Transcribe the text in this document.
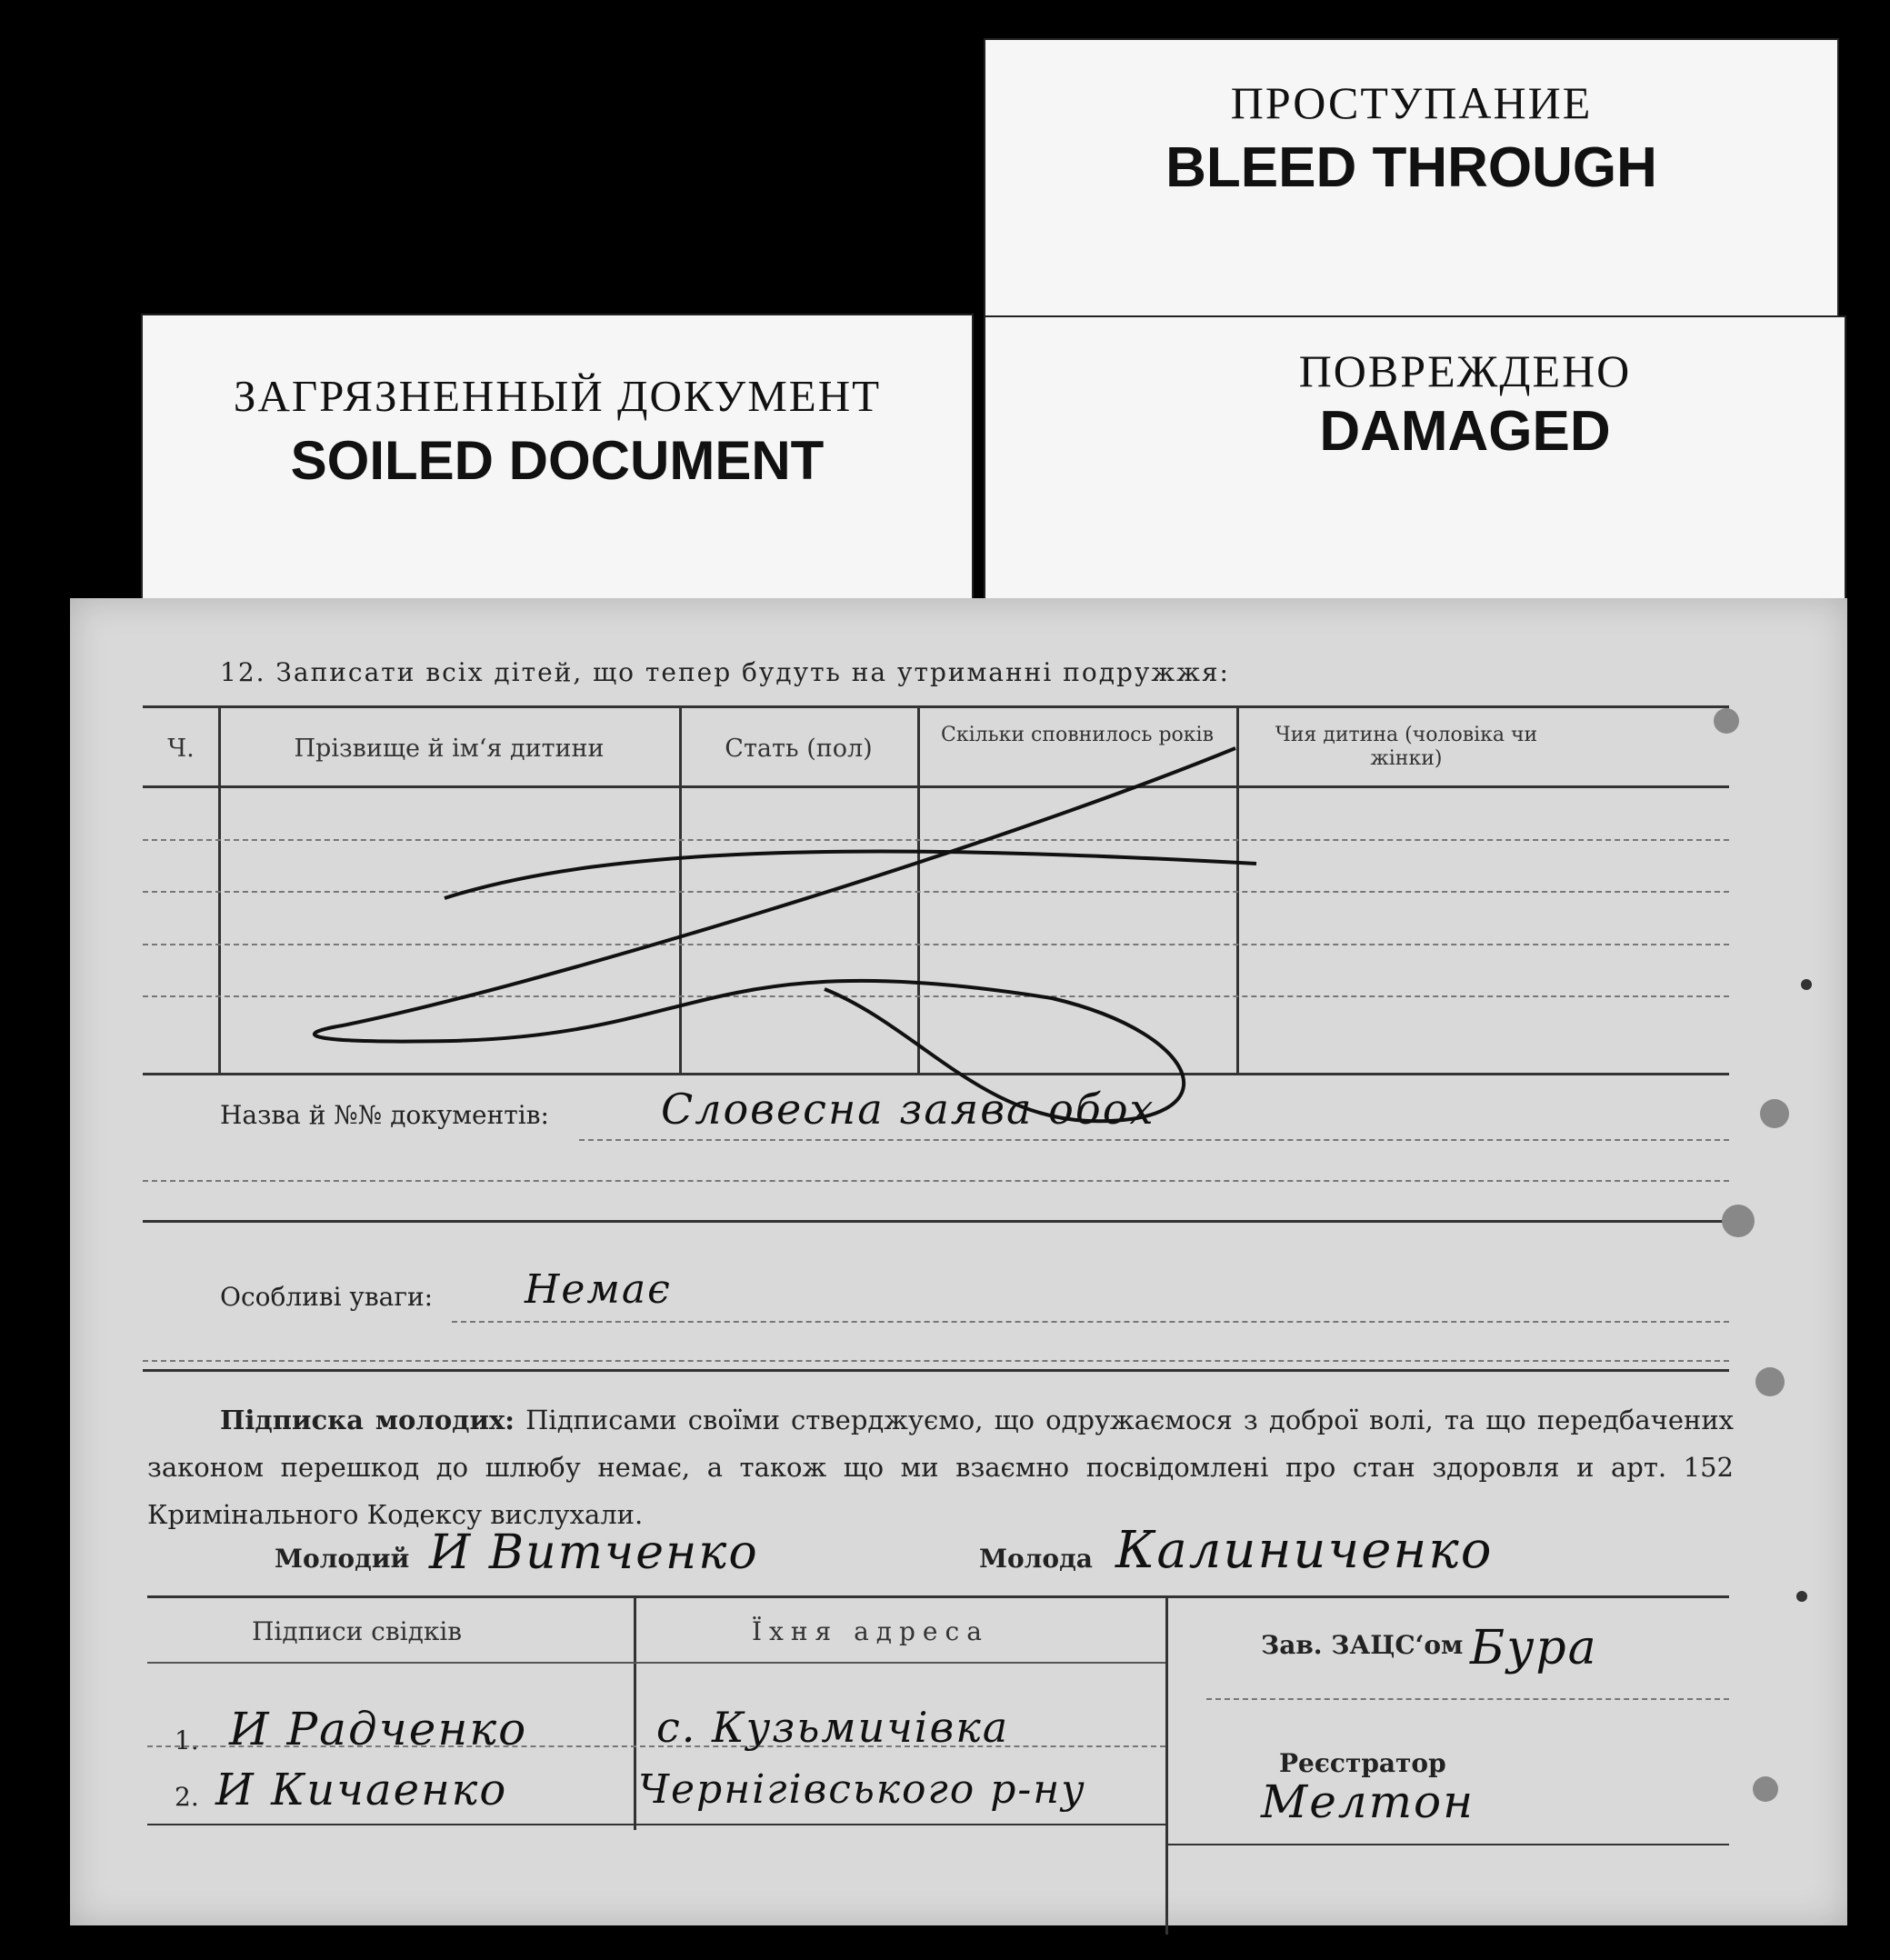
ПРОСТУПАНИЕ
BLEED THROUGH
ПОВРЕЖДЕНО
DAMAGED
ЗАГРЯЗНЕННЫЙ ДОКУМЕНТ
SOILED DOCUMENT
12. Записати всіх дітей, що тепер будуть на утриманні подружжя:
Ч.	Прізвище й ім‘я дитини	Стать (пол)	Скільки сповнилось років	Чия дитина (чоловіка чи жінки)
Назва й №№ документів:	Словесна заява обох
Особливі уваги: Немає
Підписка молодих: Підписами своїми стверджуємо, що одружаємося з доброї волі, та що передбачених законом перешкод до шлюбу немає, а також що ми взаємно посвідомлені про стан здоровля и арт. 152 Кримінального Кодексу вислухали.
Молодий И Витченко	Молода Калиниченко
Підписи свідків	Їхня адреса
1. И Радченко	с. Кузьмичівка
2. И Кичаенко	Чернігівського р-ну
Зав. ЗАЦС‘ом Бура
Реєстратор
Мелтон
